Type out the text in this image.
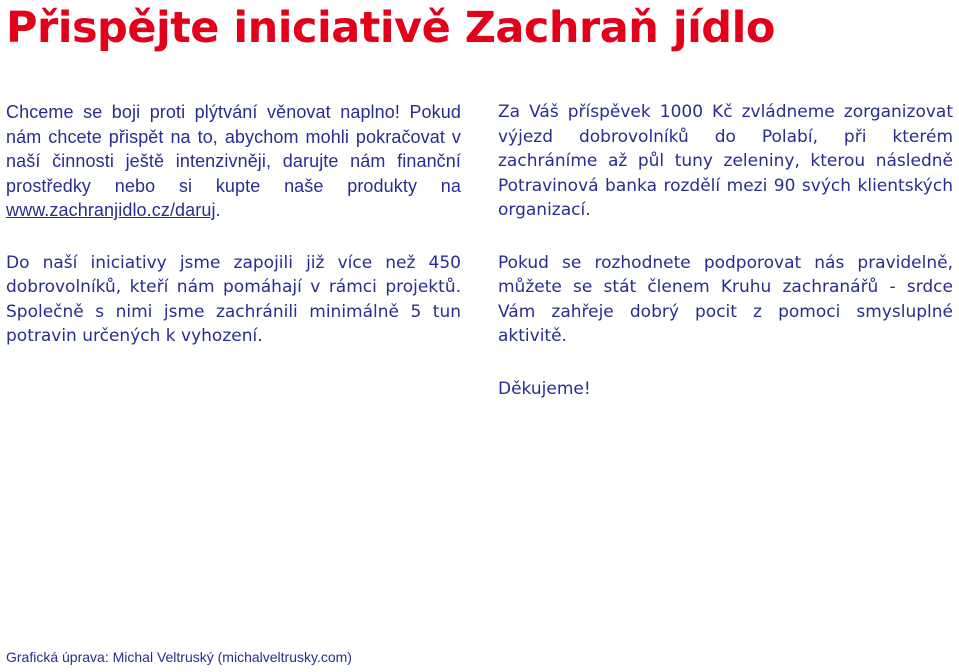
Přispějte iniciativě Zachraň jídlo

Chceme se boji proti plýtvání věnovat naplno! Pokud nám chcete přispět na to, abychom mohli pokračovat v naší činnosti ještě intenzivněji, darujte nám finanční prostředky nebo si kupte naše produkty na www.zachranjidlo.cz/daruj.

Do naší iniciativy jsme zapojili již více než 450 dobrovolníků, kteří nám pomáhají v rámci projektů. Společně s nimi jsme zachránili minimálně 5 tun potravin určených k vyhození.

Za Váš příspěvek 1000 Kč zvládneme zorganizovat výjezd dobrovolníků do Polabí, při kterém zachráníme až půl tuny zeleniny, kterou následně Potravinová banka rozdělí mezi 90 svých klientských organizací.

Pokud se rozhodnete podporovat nás pravidelně, můžete se stát členem Kruhu zachranářů - srdce Vám zahřeje dobrý pocit z pomoci smysluplné aktivitě.

Děkujeme!

Grafická úprava: Michal Veltruský (michalveltrusky.com)
